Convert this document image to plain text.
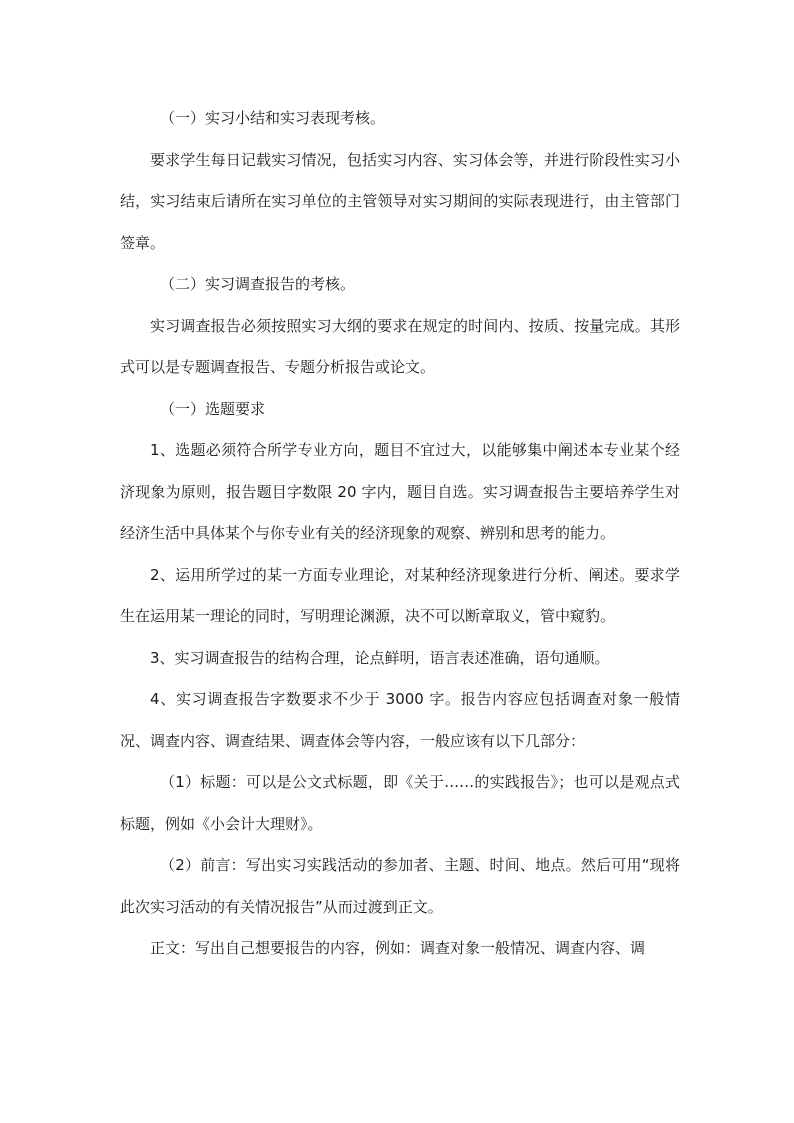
（一）实习小结和实习表现考核。

要求学生每日记载实习情况，包括实习内容、实习体会等，并进行阶段性实习小结，实习结束后请所在实习单位的主管领导对实习期间的实际表现进行，由主管部门签章。

（二）实习调查报告的考核。

实习调查报告必须按照实习大纲的要求在规定的时间内、按质、按量完成。其形式可以是专题调查报告、专题分析报告或论文。

（一）选题要求

1、选题必须符合所学专业方向，题目不宜过大，以能够集中阐述本专业某个经济现象为原则，报告题目字数限 20 字内，题目自选。实习调查报告主要培养学生对经济生活中具体某个与你专业有关的经济现象的观察、辨别和思考的能力。

2、运用所学过的某一方面专业理论，对某种经济现象进行分析、阐述。要求学生在运用某一理论的同时，写明理论渊源，决不可以断章取义，管中窥豹。

3、实习调查报告的结构合理，论点鲜明，语言表述准确，语句通顺。

4、实习调查报告字数要求不少于 3000 字。报告内容应包括调查对象一般情况、调查内容、调查结果、调查体会等内容，一般应该有以下几部分：

（1）标题：可以是公文式标题，即《关于……的实践报告》；也可以是观点式标题，例如《小会计大理财》。

（2）前言：写出实习实践活动的参加者、主题、时间、地点。然后可用“现将此次实习活动的有关情况报告”从而过渡到正文。

正文：写出自己想要报告的内容，例如：调查对象一般情况、调查内容、调
